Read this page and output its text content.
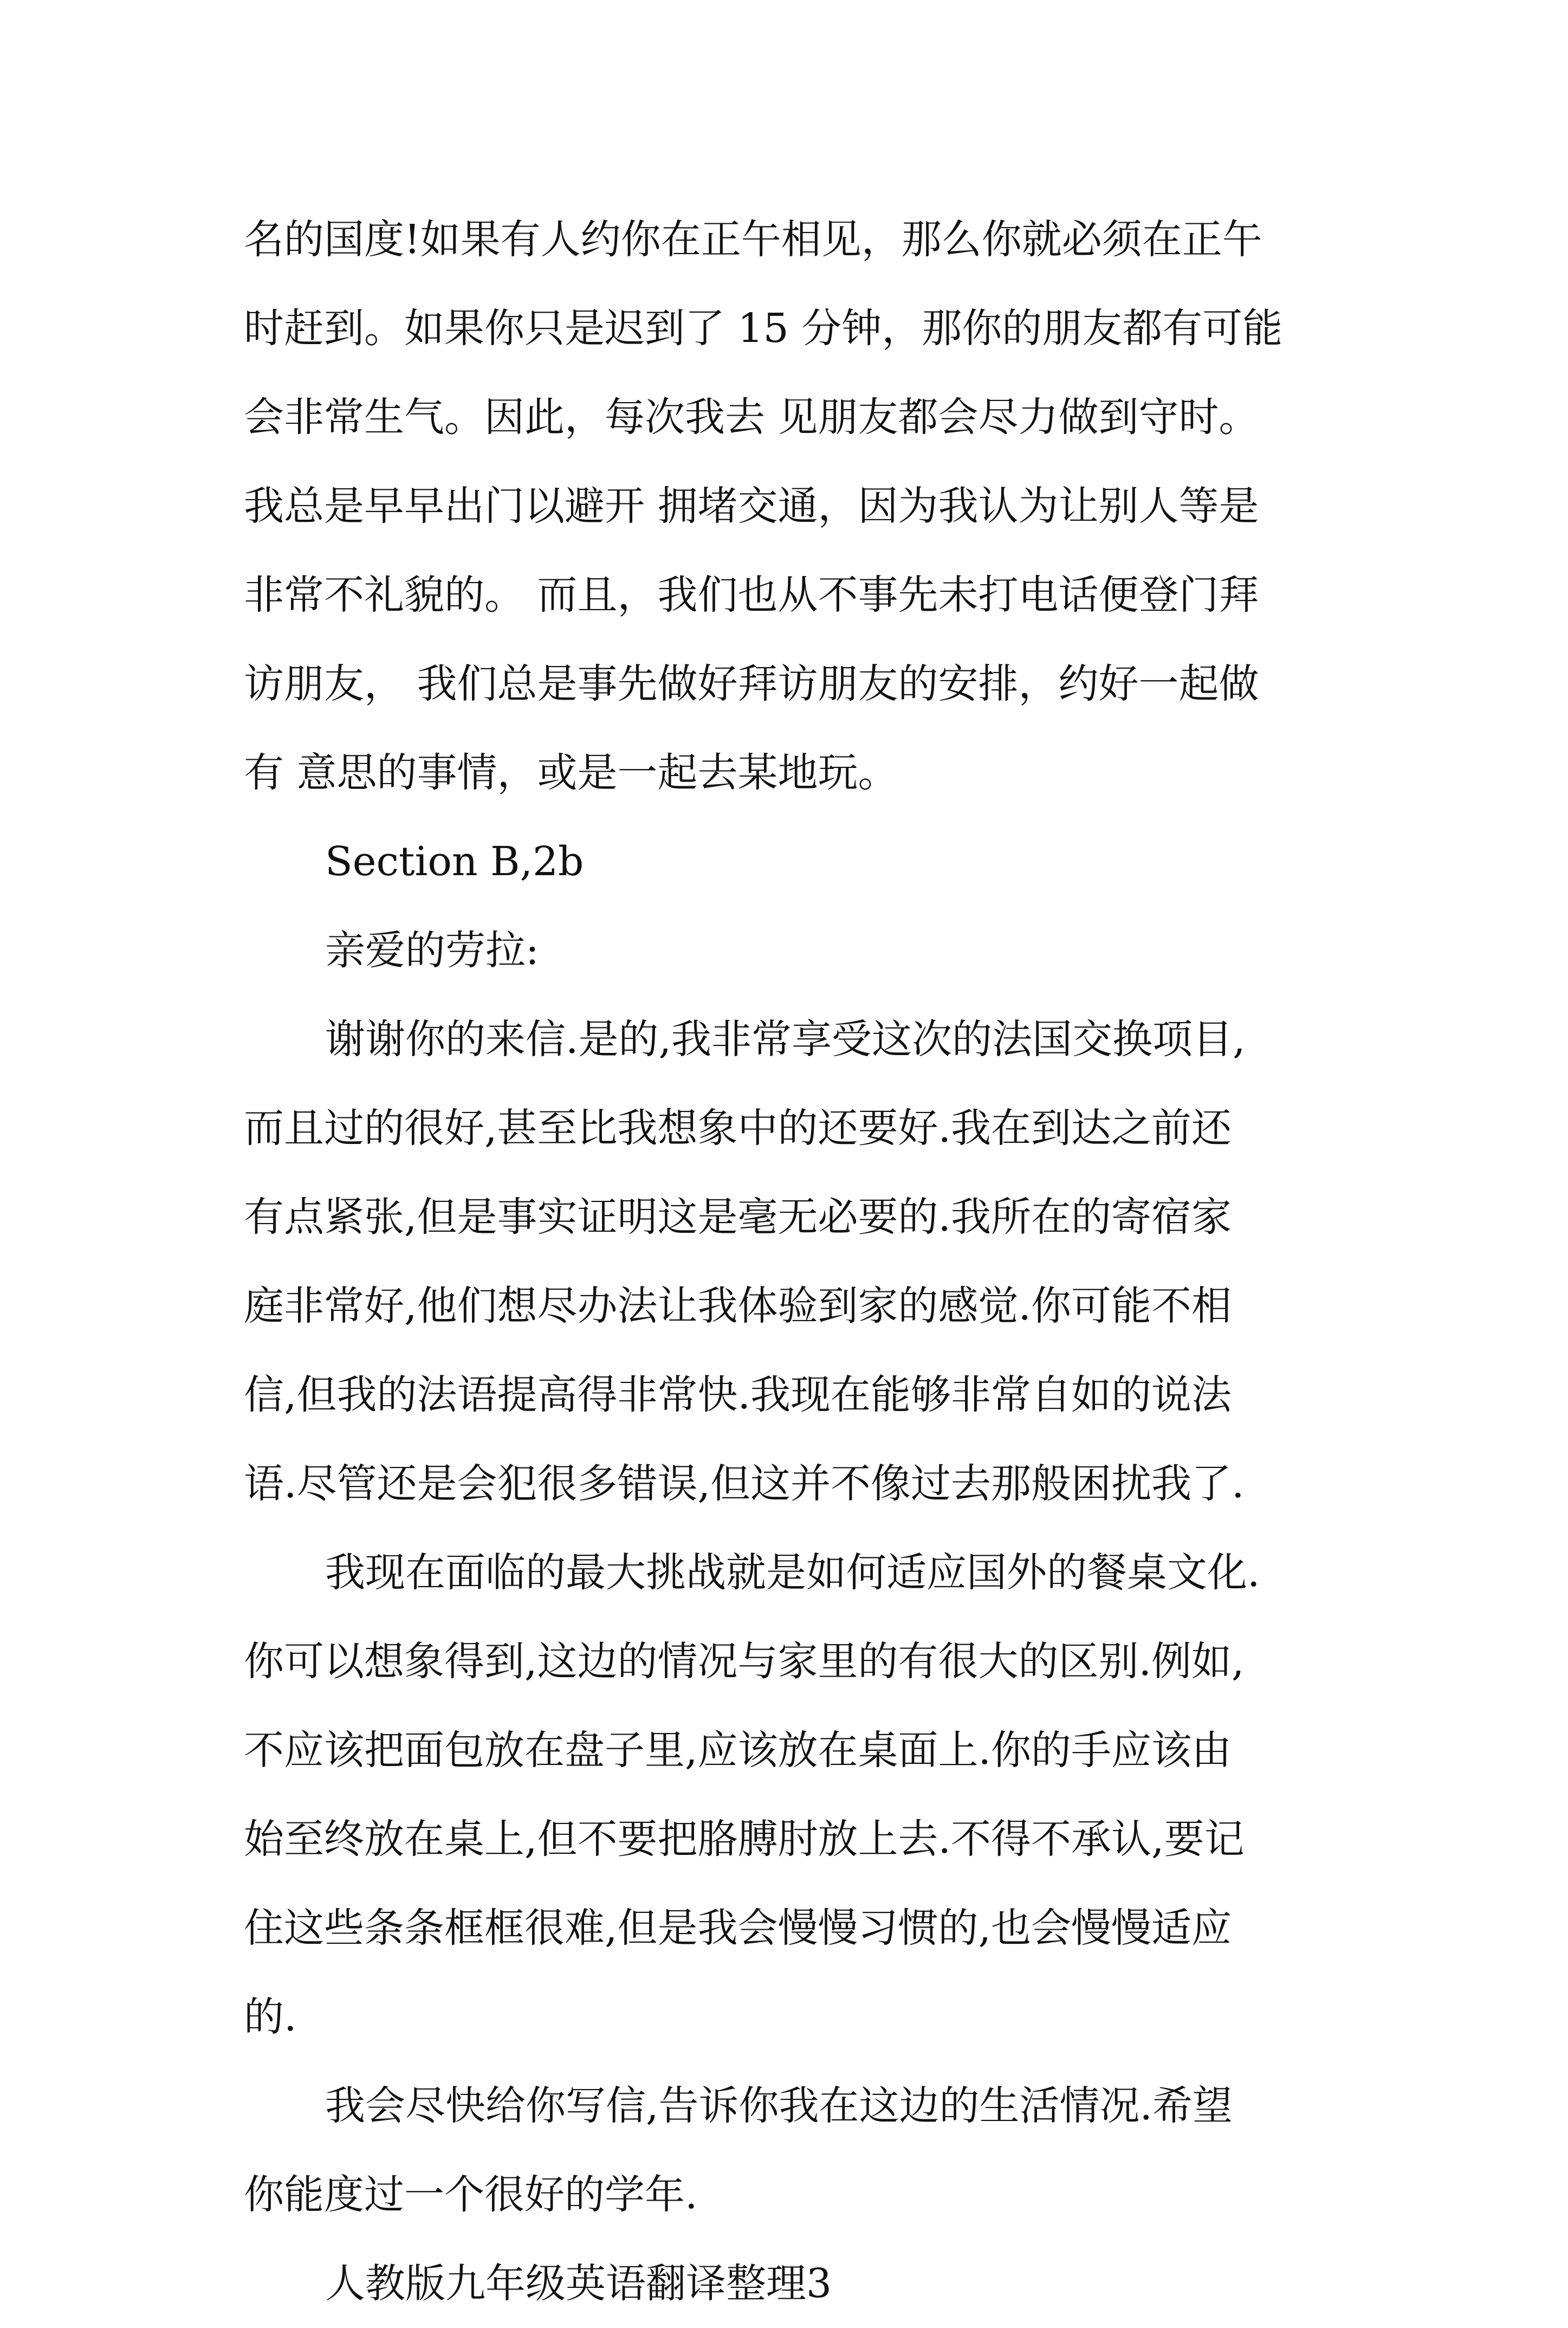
名的国度!如果有人约你在正午相见，那么你就必须在正午
时赶到。如果你只是迟到了 15 分钟，那你的朋友都有可能
会非常生气。因此，每次我去 见朋友都会尽力做到守时。
我总是早早出门以避开 拥堵交通，因为我认为让别人等是
非常不礼貌的。 而且，我们也从不事先未打电话便登门拜
访朋友， 我们总是事先做好拜访朋友的安排，约好一起做
有 意思的事情，或是一起去某地玩。
Section B,2b
亲爱的劳拉:
谢谢你的来信.是的,我非常享受这次的法国交换项目,
而且过的很好,甚至比我想象中的还要好.我在到达之前还
有点紧张,但是事实证明这是毫无必要的.我所在的寄宿家
庭非常好,他们想尽办法让我体验到家的感觉.你可能不相
信,但我的法语提高得非常快.我现在能够非常自如的说法
语.尽管还是会犯很多错误,但这并不像过去那般困扰我了.
我现在面临的最大挑战就是如何适应国外的餐桌文化.
你可以想象得到,这边的情况与家里的有很大的区别.例如,
不应该把面包放在盘子里,应该放在桌面上.你的手应该由
始至终放在桌上,但不要把胳膊肘放上去.不得不承认,要记
住这些条条框框很难,但是我会慢慢习惯的,也会慢慢适应
的.
我会尽快给你写信,告诉你我在这边的生活情况.希望
你能度过一个很好的学年.
人教版九年级英语翻译整理3
